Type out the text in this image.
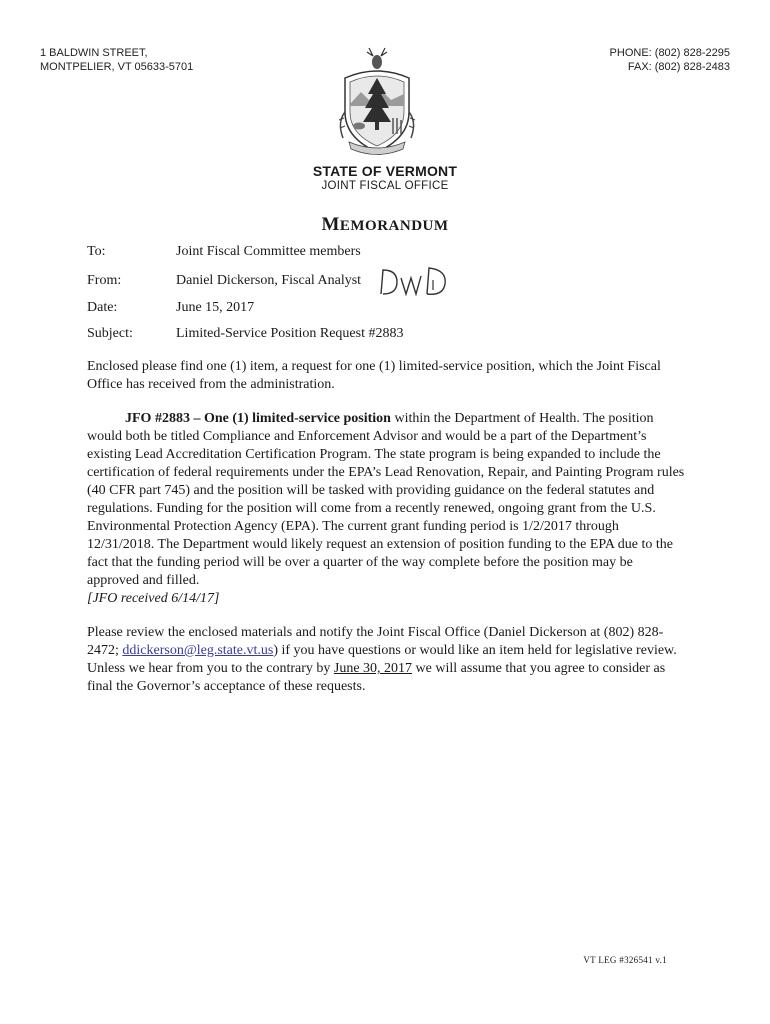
1 BALDWIN STREET,
MONTPELIER, VT 05633-5701
PHONE: (802) 828-2295
FAX: (802) 828-2483
STATE OF VERMONT
JOINT FISCAL OFFICE
MEMORANDUM
To:	Joint Fiscal Committee members
From:	Daniel Dickerson, Fiscal Analyst
Date:	June 15, 2017
Subject:	Limited-Service Position Request #2883

Enclosed please find one (1) item, a request for one (1) limited-service position, which the Joint Fiscal Office has received from the administration.

JFO #2883 – One (1) limited-service position within the Department of Health. The position would both be titled Compliance and Enforcement Advisor and would be a part of the Department’s existing Lead Accreditation Certification Program. The state program is being expanded to include the certification of federal requirements under the EPA’s Lead Renovation, Repair, and Painting Program rules (40 CFR part 745) and the position will be tasked with providing guidance on the federal statutes and regulations. Funding for the position will come from a recently renewed, ongoing grant from the U.S. Environmental Protection Agency (EPA). The current grant funding period is 1/2/2017 through 12/31/2018. The Department would likely request an extension of position funding to the EPA due to the fact that the funding period will be over a quarter of the way complete before the position may be approved and filled.

[JFO received 6/14/17]

Please review the enclosed materials and notify the Joint Fiscal Office (Daniel Dickerson at (802) 828-2472; ddickerson@leg.state.vt.us) if you have questions or would like an item held for legislative review. Unless we hear from you to the contrary by June 30, 2017 we will assume that you agree to consider as final the Governor’s acceptance of these requests.

VT LEG #326541 v.1
